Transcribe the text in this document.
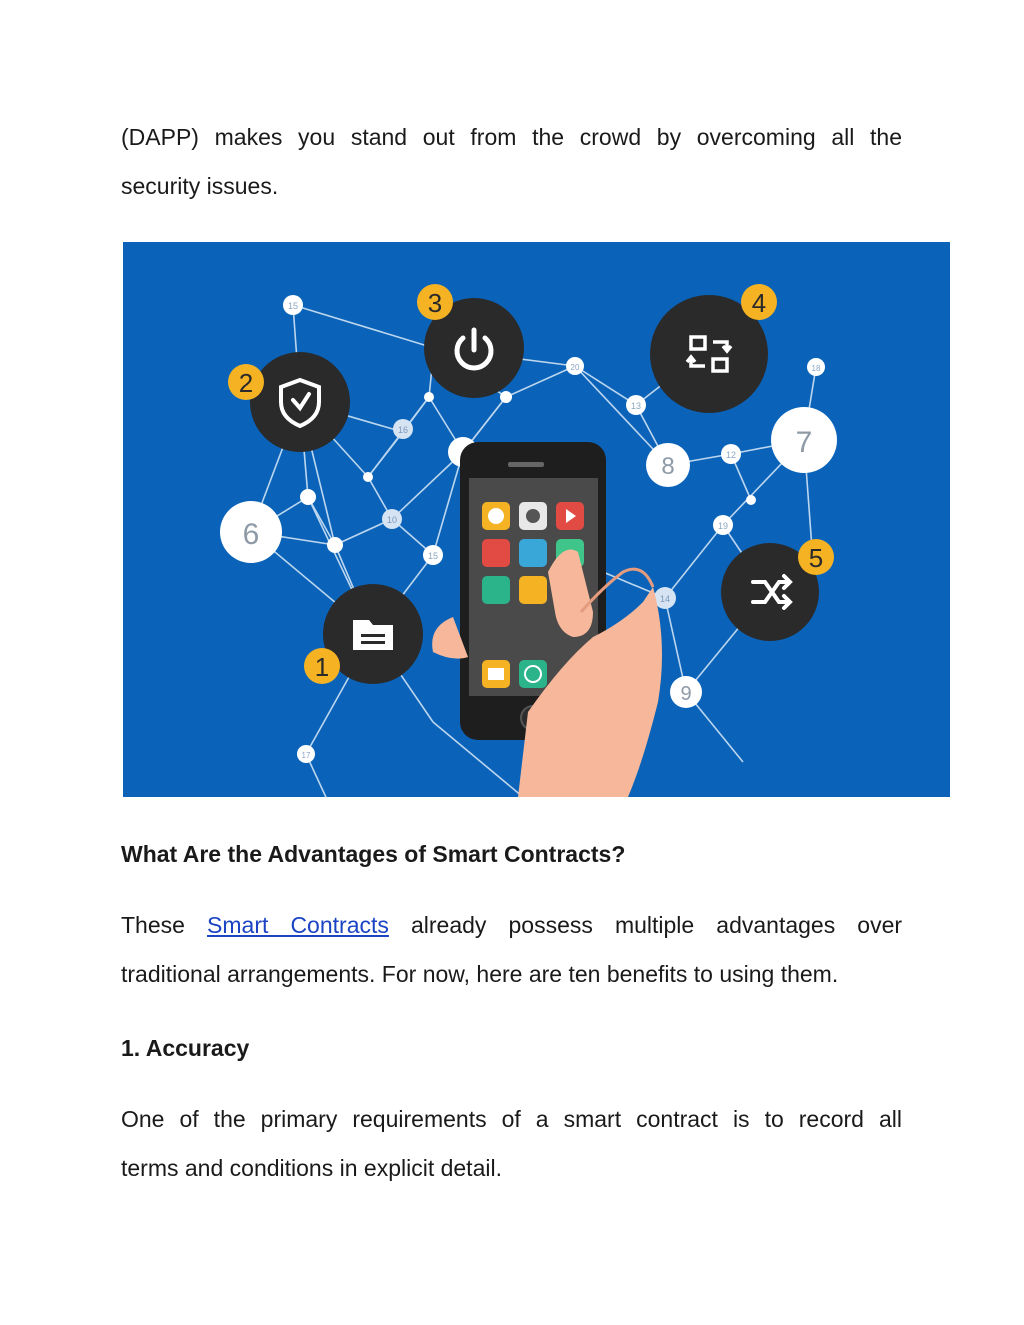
(DAPP) makes you stand out from the crowd by overcoming all the
security issues.

15
16
10
15
20
13
12
18
19
14
17
6
7
8
9
2
3	4
5
1
What Are the Advantages of Smart Contracts?

These Smart Contracts already possess multiple advantages over
traditional arrangements. For now, here are ten benefits to using them.

1. Accuracy

One of the primary requirements of a smart contract is to record all
terms and conditions in explicit detail.
